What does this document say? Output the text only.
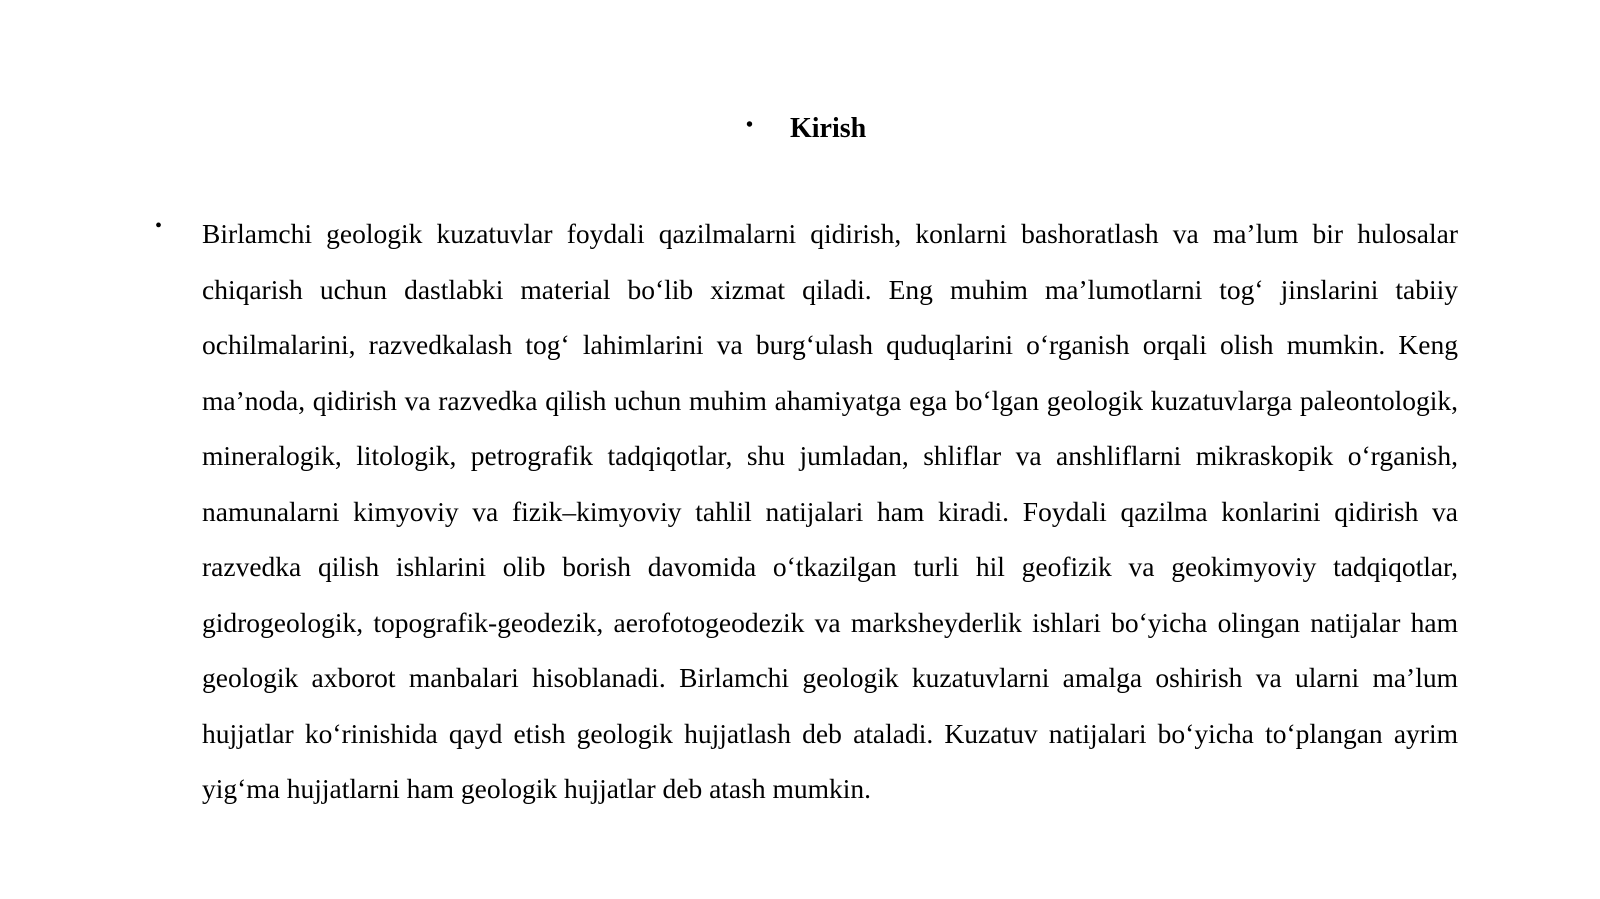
• Kirish
• Birlamchi geologik kuzatuvlar foydali qazilmalarni qidirish, konlarni bashoratlash va ma’lum bir hulosalar chiqarish uchun dastlabki material bo‘lib xizmat qiladi. Eng muhim ma’lumotlarni tog‘ jinslarini tabiiy ochilmalarini, razvedkalash tog‘ lahimlarini va burg‘ulash quduqlarini o‘rganish orqali olish mumkin. Keng ma’noda, qidirish va razvedka qilish uchun muhim ahamiyatga ega bo‘lgan geologik kuzatuvlarga paleontologik, mineralogik, litologik, petrografik tadqiqotlar, shu jumladan, shliflar va anshliflarni mikraskopik o‘rganish, namunalarni kimyoviy va fizik–kimyoviy tahlil natijalari ham kiradi. Foydali qazilma konlarini qidirish va razvedka qilish ishlarini olib borish davomida o‘tkazilgan turli hil geofizik va geokimyoviy tadqiqotlar, gidrogeologik, topografik-geodezik, aerofotogeodezik va marksheyderlik ishlari bo‘yicha olingan natijalar ham geologik axborot manbalari hisoblanadi. Birlamchi geologik kuzatuvlarni amalga oshirish va ularni ma’lum hujjatlar ko‘rinishida qayd etish geologik hujjatlash deb ataladi. Kuzatuv natijalari bo‘yicha to‘plangan ayrim yig‘ma hujjatlarni ham geologik hujjatlar deb atash mumkin.
